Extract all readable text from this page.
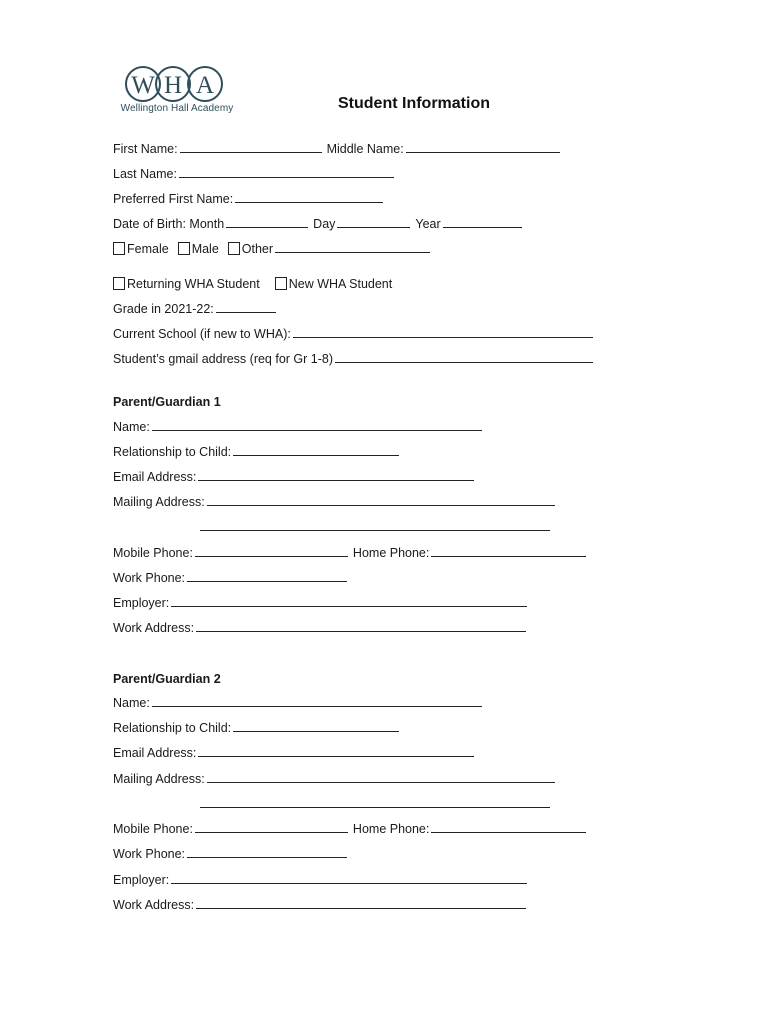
W H A
Wellington Hall Academy	Student Information
First Name:	Middle Name:
Last Name:
Preferred First Name:
Date of Birth: Month	Day	Year
Female Male Other
Returning WHA Student New WHA Student
Grade in 2021-22:
Current School (if new to WHA):
Student’s gmail address (req for Gr 1-8)
Parent/Guardian 1
Name:
Relationship to Child:
Email Address:
Mailing Address:
Mobile Phone:	Home Phone:
Work Phone:
Employer:
Work Address:
Parent/Guardian 2
Name:
Relationship to Child:
Email Address:
Mailing Address:
Mobile Phone:	Home Phone:
Work Phone:
Employer:
Work Address:
